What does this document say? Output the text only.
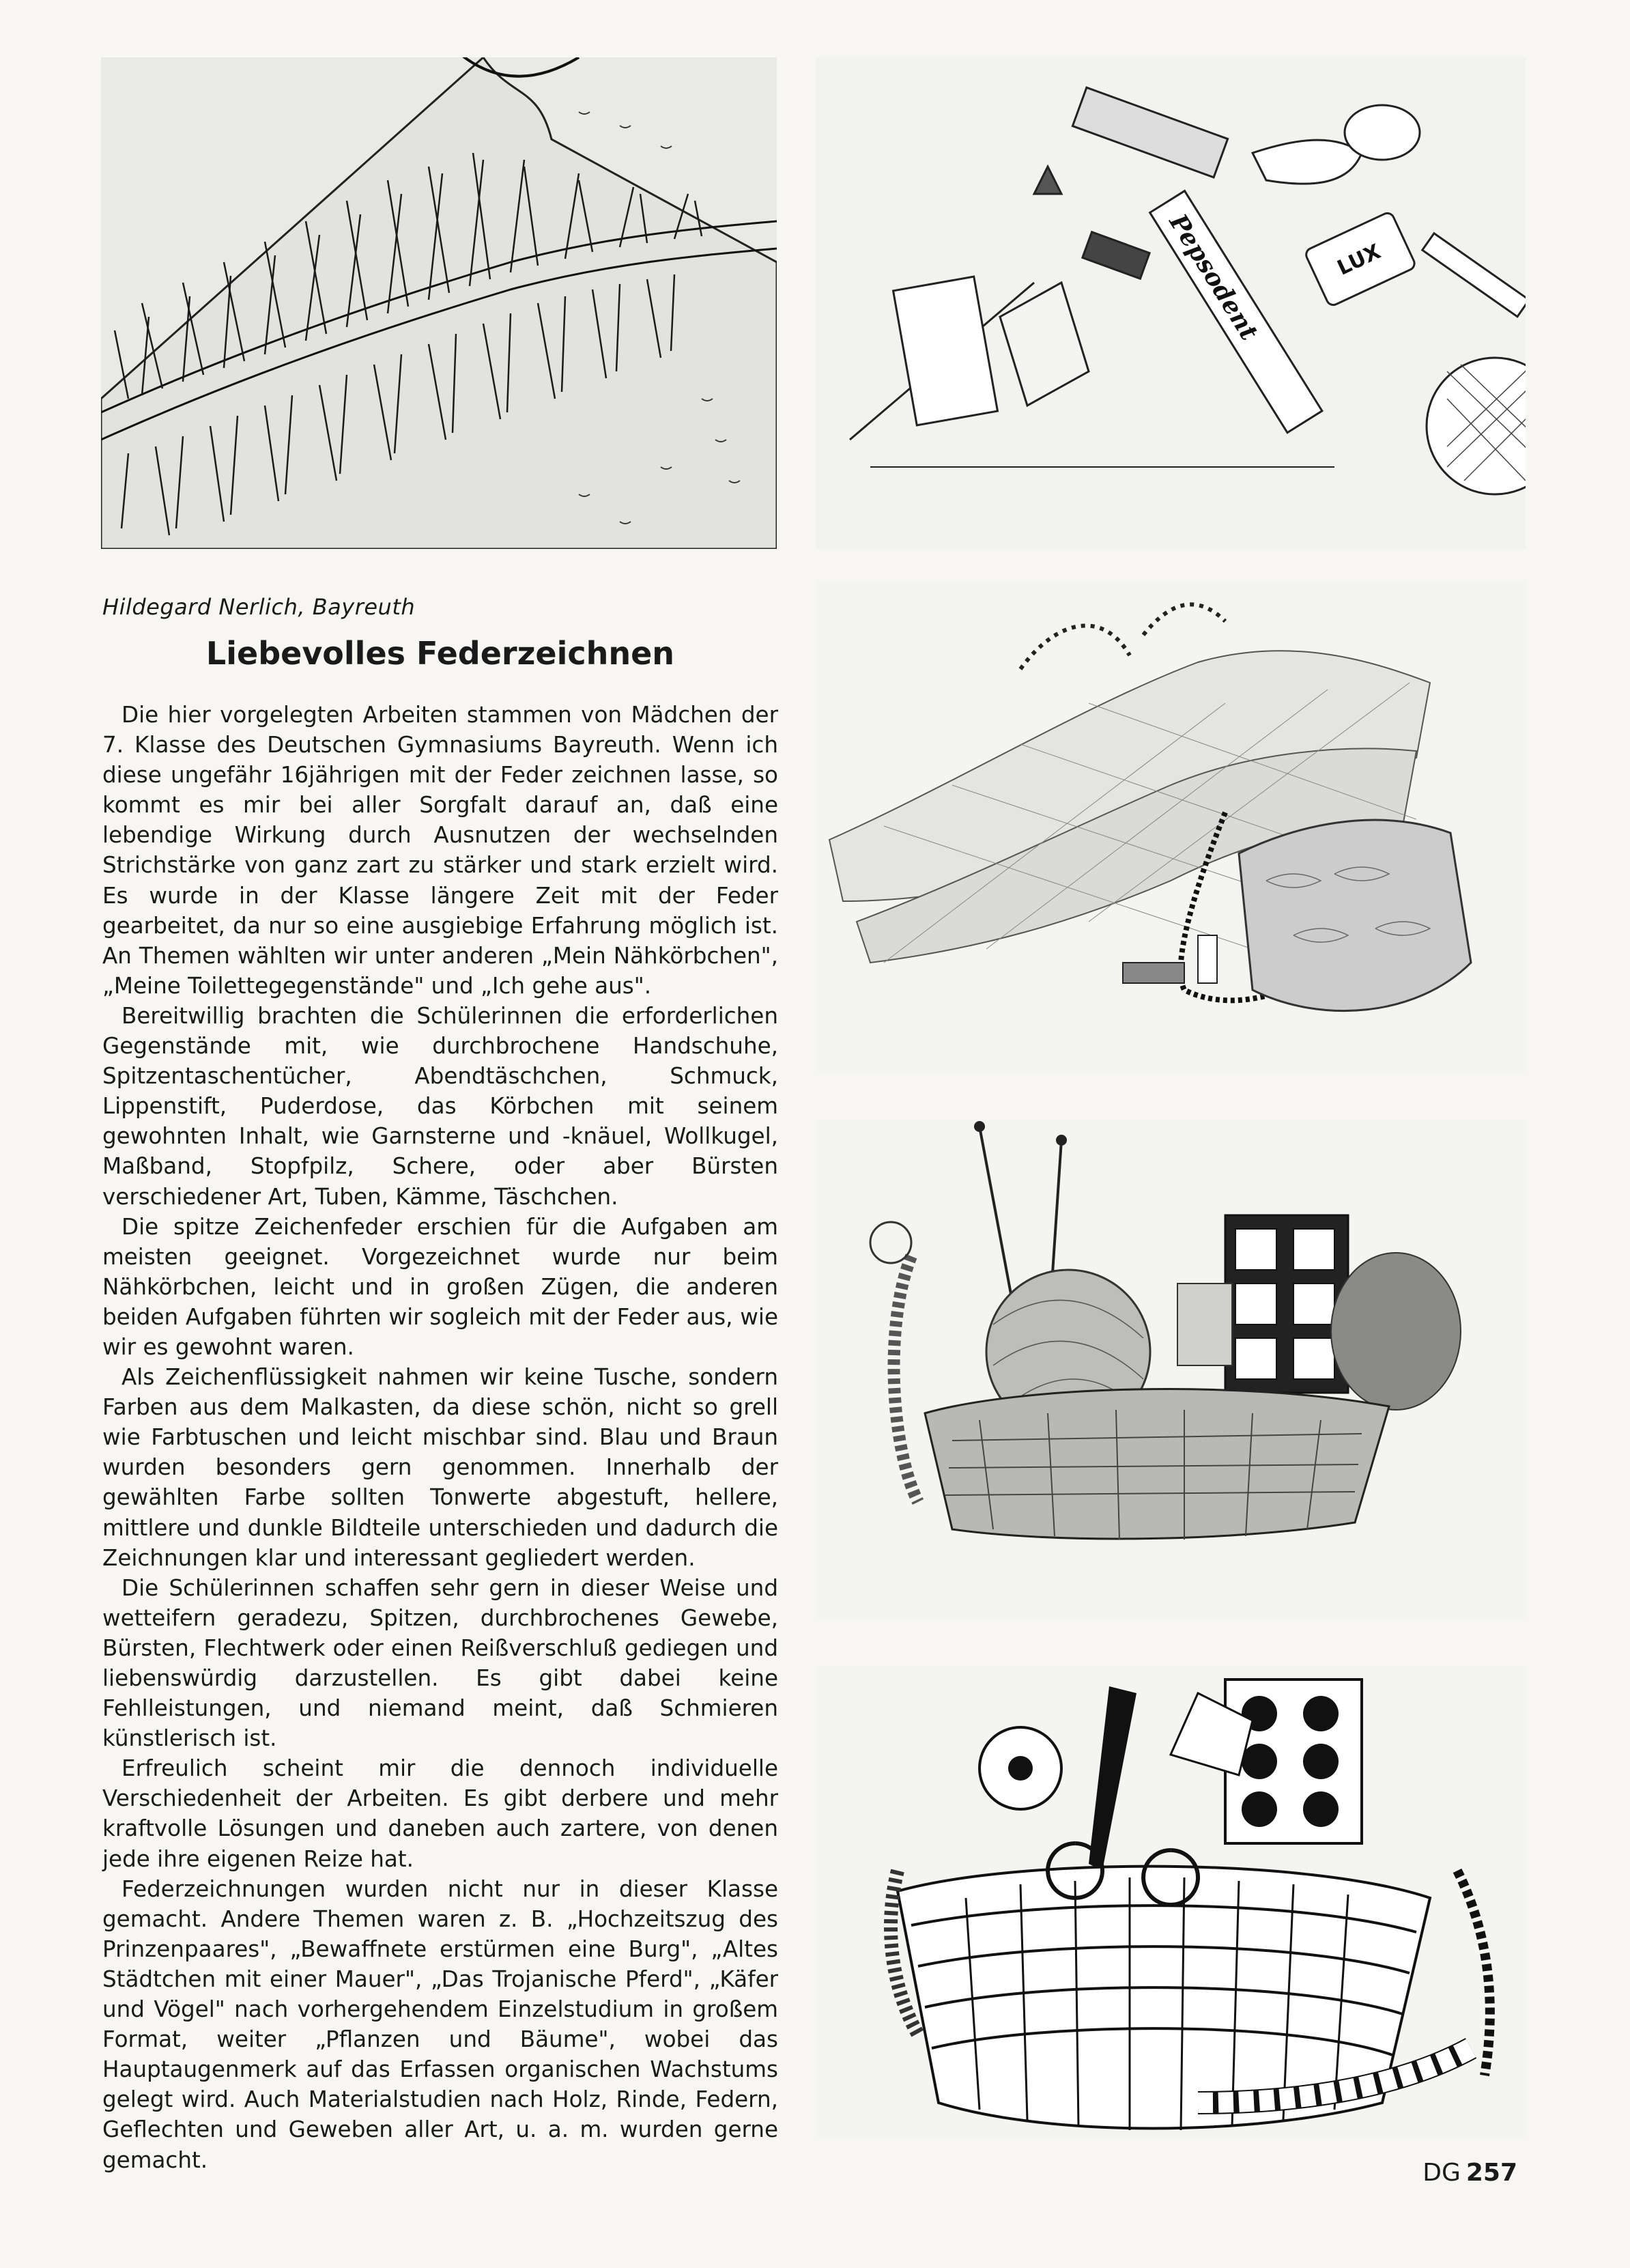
Pepsodent	LUX
Hildegard Nerlich, Bayreuth
Liebevolles Federzeichnen

Die hier vorgelegten Arbeiten stammen von Mädchen der 7. Klasse des Deutschen Gymnasiums Bayreuth. Wenn ich diese ungefähr 16jährigen mit der Feder zeichnen lasse, so kommt es mir bei aller Sorgfalt darauf an, daß eine lebendige Wirkung durch Ausnutzen der wechselnden Strichstärke von ganz zart zu stärker und stark erzielt wird. Es wurde in der Klasse längere Zeit mit der Feder gearbeitet, da nur so eine ausgiebige Erfahrung möglich ist. An Themen wählten wir unter anderen „Mein Nähkörbchen", „Meine Toilettegegenstände" und „Ich gehe aus".

Bereitwillig brachten die Schülerinnen die erforderlichen Gegenstände mit, wie durchbrochene Handschuhe, Spitzentaschentücher, Abendtäschchen, Schmuck, Lippenstift, Puderdose, das Körbchen mit seinem gewohnten Inhalt, wie Garnsterne und -knäuel, Wollkugel, Maßband, Stopfpilz, Schere, oder aber Bürsten verschiedener Art, Tuben, Kämme, Täschchen.

Die spitze Zeichenfeder erschien für die Aufgaben am meisten geeignet. Vorgezeichnet wurde nur beim Nähkörbchen, leicht und in großen Zügen, die anderen beiden Aufgaben führten wir sogleich mit der Feder aus, wie wir es gewohnt waren.

Als Zeichenflüssigkeit nahmen wir keine Tusche, sondern Farben aus dem Malkasten, da diese schön, nicht so grell wie Farbtuschen und leicht mischbar sind. Blau und Braun wurden besonders gern genommen. Innerhalb der gewählten Farbe sollten Tonwerte abgestuft, hellere, mittlere und dunkle Bildteile unterschieden und dadurch die Zeichnungen klar und interessant gegliedert werden.

Die Schülerinnen schaffen sehr gern in dieser Weise und wetteifern geradezu, Spitzen, durchbrochenes Gewebe, Bürsten, Flechtwerk oder einen Reißverschluß gediegen und liebenswürdig darzustellen. Es gibt dabei keine Fehlleistungen, und niemand meint, daß Schmieren künstlerisch ist.

Erfreulich scheint mir die dennoch individuelle Verschiedenheit der Arbeiten. Es gibt derbere und mehr kraftvolle Lösungen und daneben auch zartere, von denen jede ihre eigenen Reize hat.

Federzeichnungen wurden nicht nur in dieser Klasse gemacht. Andere Themen waren z. B. „Hochzeitszug des Prinzenpaares", „Bewaffnete erstürmen eine Burg", „Altes Städtchen mit einer Mauer", „Das Trojanische Pferd", „Käfer und Vögel" nach vorhergehendem Einzelstudium in großem Format, weiter „Pflanzen und Bäume", wobei das Hauptaugenmerk auf das Erfassen organischen Wachstums gelegt wird. Auch Materialstudien nach Holz, Rinde, Federn, Geflechten und Geweben aller Art, u. a. m. wurden gerne gemacht.	DG 257
